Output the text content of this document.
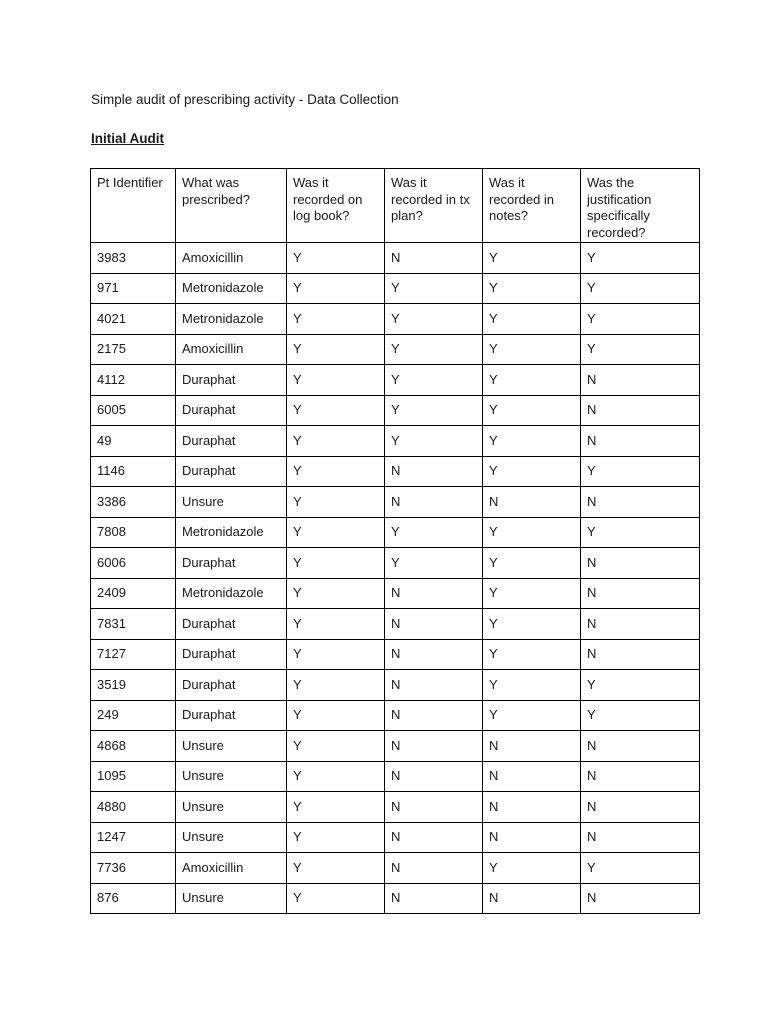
Simple audit of prescribing activity - Data Collection
Initial Audit
Pt Identifier	What was prescribed?	Was it recorded on log book?	Was it recorded in tx plan?	Was it recorded in notes?	Was the justification specifically recorded?
3983	Amoxicillin	Y	N	Y	Y
971	Metronidazole	Y	Y	Y	Y
4021	Metronidazole	Y	Y	Y	Y
2175	Amoxicillin	Y	Y	Y	Y
4112	Duraphat	Y	Y	Y	N
6005	Duraphat	Y	Y	Y	N
49	Duraphat	Y	Y	Y	N
1146	Duraphat	Y	N	Y	Y
3386	Unsure	Y	N	N	N
7808	Metronidazole	Y	Y	Y	Y
6006	Duraphat	Y	Y	Y	N
2409	Metronidazole	Y	N	Y	N
7831	Duraphat	Y	N	Y	N
7127	Duraphat	Y	N	Y	N
3519	Duraphat	Y	N	Y	Y
249	Duraphat	Y	N	Y	Y
4868	Unsure	Y	N	N	N
1095	Unsure	Y	N	N	N
4880	Unsure	Y	N	N	N
1247	Unsure	Y	N	N	N
7736	Amoxicillin	Y	N	Y	Y
876	Unsure	Y	N	N	N
